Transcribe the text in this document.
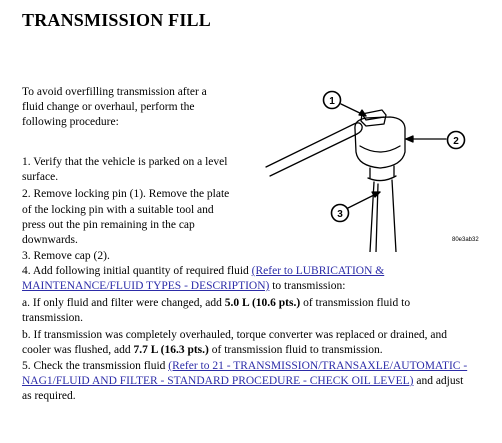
TRANSMISSION FILL
To avoid overfilling transmission after a
fluid change or overhaul, perform the
following procedure:
1. Verify that the vehicle is parked on a level
surface.
2. Remove locking pin (1). Remove the plate
of the locking pin with a suitable tool and
press out the pin remaining in the cap
downwards.
3. Remove cap (2).
4. Add following initial quantity of required fluid (Refer to LUBRICATION &
MAINTENANCE/FLUID TYPES - DESCRIPTION) to transmission:
a. If only fluid and filter were changed, add 5.0 L (10.6 pts.) of transmission fluid to
transmission.
b. If transmission was completely overhauled, torque converter was replaced or drained, and
cooler was flushed, add 7.7 L (16.3 pts.) of transmission fluid to transmission.
5. Check the transmission fluid (Refer to 21 - TRANSMISSION/TRANSAXLE/AUTOMATIC -
NAG1/FLUID AND FILTER - STANDARD PROCEDURE - CHECK OIL LEVEL) and adjust
as required.
1
2
3
80e3ab32
